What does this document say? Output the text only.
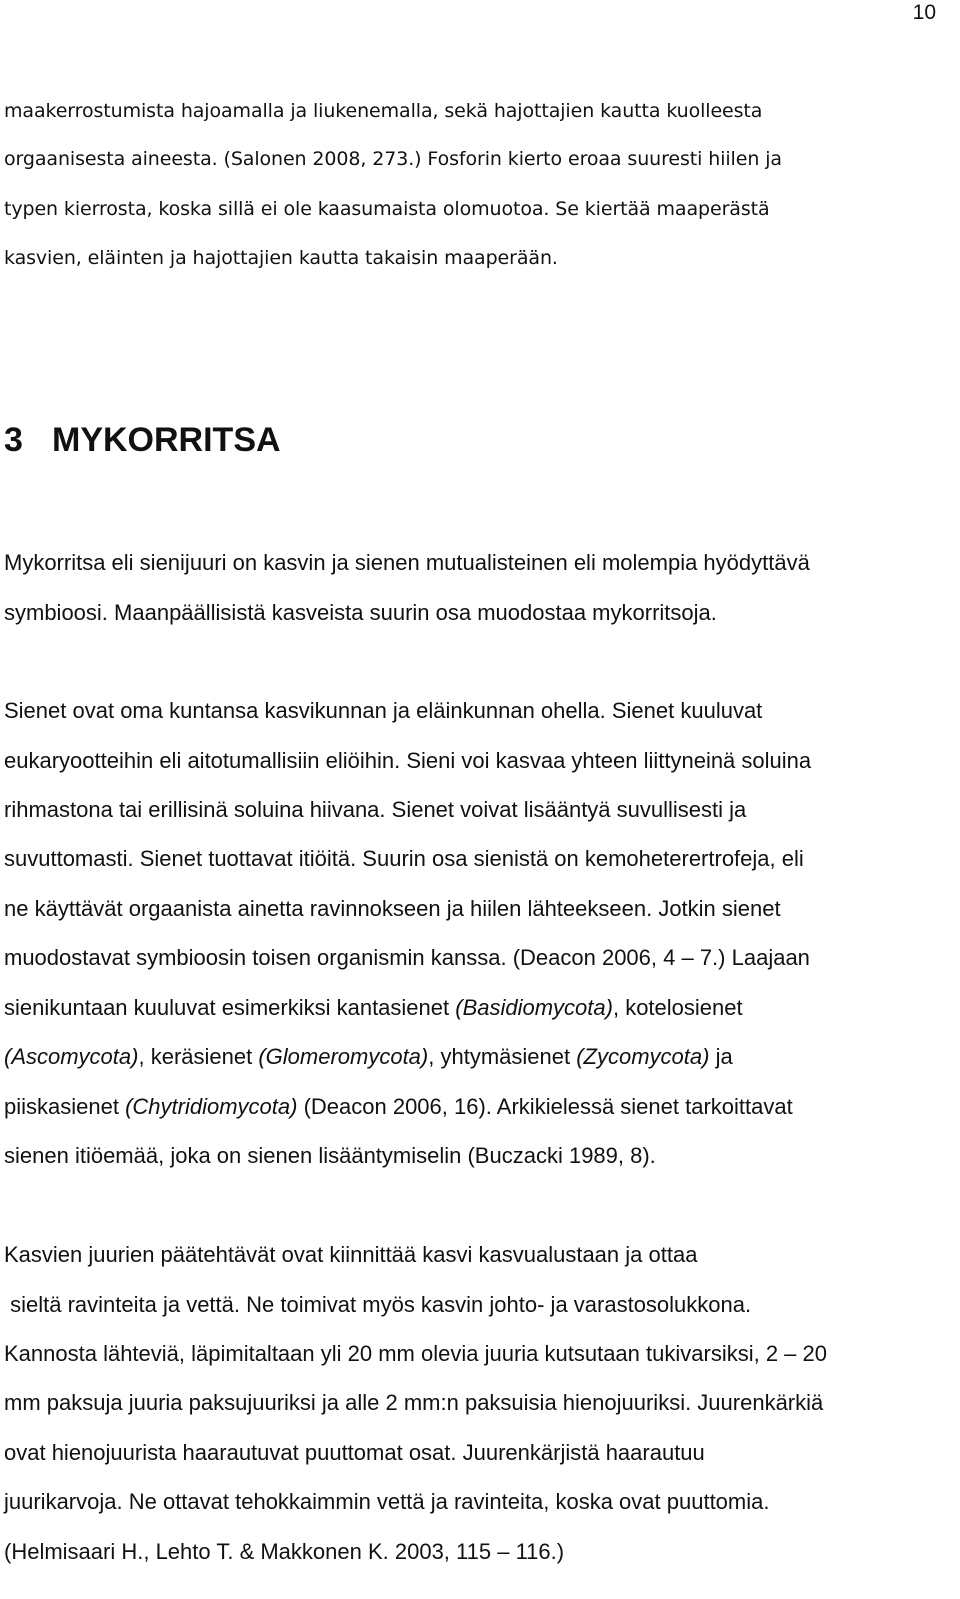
10
maakerrostumista hajoamalla ja liukenemalla, sekä hajottajien kautta kuolleesta
orgaanisesta aineesta. (Salonen 2008, 273.) Fosforin kierto eroaa suuresti hiilen ja
typen kierrosta, koska sillä ei ole kaasumaista olomuotoa. Se kiertää maaperästä
kasvien, eläinten ja hajottajien kautta takaisin maaperään.
3 MYKORRITSA
Mykorritsa eli sienijuuri on kasvin ja sienen mutualisteinen eli molempia hyödyttävä
symbioosi. Maanpäällisistä kasveista suurin osa muodostaa mykorritsoja.
Sienet ovat oma kuntansa kasvikunnan ja eläinkunnan ohella. Sienet kuuluvat
eukaryootteihin eli aitotumallisiin eliöihin. Sieni voi kasvaa yhteen liittyneinä soluina
rihmastona tai erillisinä soluina hiivana. Sienet voivat lisääntyä suvullisesti ja
suvuttomasti. Sienet tuottavat itiöitä. Suurin osa sienistä on kemoheterertrofeja, eli
ne käyttävät orgaanista ainetta ravinnokseen ja hiilen lähteekseen. Jotkin sienet
muodostavat symbioosin toisen organismin kanssa. (Deacon 2006, 4 – 7.) Laajaan
sienikuntaan kuuluvat esimerkiksi kantasienet (Basidiomycota), kotelosienet
(Ascomycota), keräsienet (Glomeromycota), yhtymäsienet (Zycomycota) ja
piiskasienet (Chytridiomycota) (Deacon 2006, 16). Arkikielessä sienet tarkoittavat
sienen itiöemää, joka on sienen lisääntymiselin (Buczacki 1989, 8).
Kasvien juurien päätehtävät ovat kiinnittää kasvi kasvualustaan ja ottaa
sieltä ravinteita ja vettä. Ne toimivat myös kasvin johto- ja varastosolukkona.
Kannosta lähteviä, läpimitaltaan yli 20 mm olevia juuria kutsutaan tukivarsiksi, 2 – 20
mm paksuja juuria paksujuuriksi ja alle 2 mm:n paksuisia hienojuuriksi. Juurenkärkiä
ovat hienojuurista haarautuvat puuttomat osat. Juurenkärjistä haarautuu
juurikarvoja. Ne ottavat tehokkaimmin vettä ja ravinteita, koska ovat puuttomia.
(Helmisaari H., Lehto T. & Makkonen K. 2003, 115 – 116.)
